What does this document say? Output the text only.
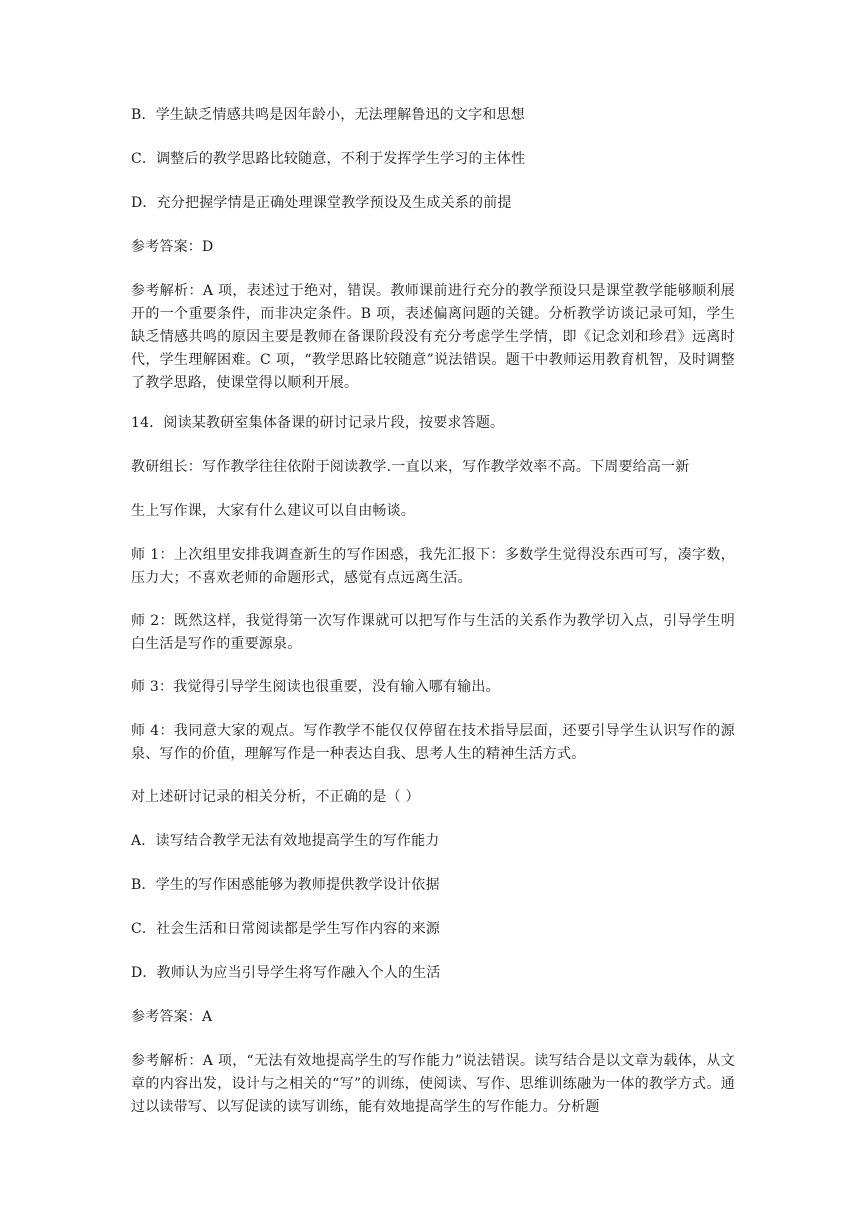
B．学生缺乏情感共鸣是因年龄小，无法理解鲁迅的文字和思想

C．调整后的教学思路比较随意，不利于发挥学生学习的主体性

D．充分把握学情是正确处理课堂教学预设及生成关系的前提

参考答案：D

参考解析：A 项，表述过于绝对，错误。教师课前进行充分的教学预设只是课堂教学能够顺利展开的一个重要条件，而非决定条件。B 项，表述偏离问题的关键。分析教学访谈记录可知，学生缺乏情感共鸣的原因主要是教师在备课阶段没有充分考虑学生学情，即《记念刘和珍君》远离时代，学生理解困难。C 项，“教学思路比较随意”说法错误。题干中教师运用教育机智，及时调整了教学思路，使课堂得以顺利开展。

14．阅读某教研室集体备课的研讨记录片段，按要求答题。

教研组长：写作教学往往依附于阅读教学.一直以来，写作教学效率不高。下周要给高一新

生上写作课，大家有什么建议可以自由畅谈。

师 1：上次组里安排我调查新生的写作困惑，我先汇报下：多数学生觉得没东西可写，凑字数，压力大；不喜欢老师的命题形式，感觉有点远离生活。

师 2：既然这样，我觉得第一次写作课就可以把写作与生活的关系作为教学切入点，引导学生明白生活是写作的重要源泉。

师 3：我觉得引导学生阅读也很重要，没有输入哪有输出。

师 4：我同意大家的观点。写作教学不能仅仅停留在技术指导层面，还要引导学生认识写作的源泉、写作的价值，理解写作是一种表达自我、思考人生的精神生活方式。

对上述研讨记录的相关分析，不正确的是（ ）

A．读写结合教学无法有效地提高学生的写作能力

B．学生的写作困惑能够为教师提供教学设计依据

C．社会生活和日常阅读都是学生写作内容的来源

D．教师认为应当引导学生将写作融入个人的生活

参考答案：A

参考解析：A 项，“无法有效地提高学生的写作能力”说法错误。读写结合是以文章为载体，从文章的内容出发，设计与之相关的“写”的训练，使阅读、写作、思维训练融为一体的教学方式。通过以读带写、以写促读的读写训练，能有效地提高学生的写作能力。分析题
